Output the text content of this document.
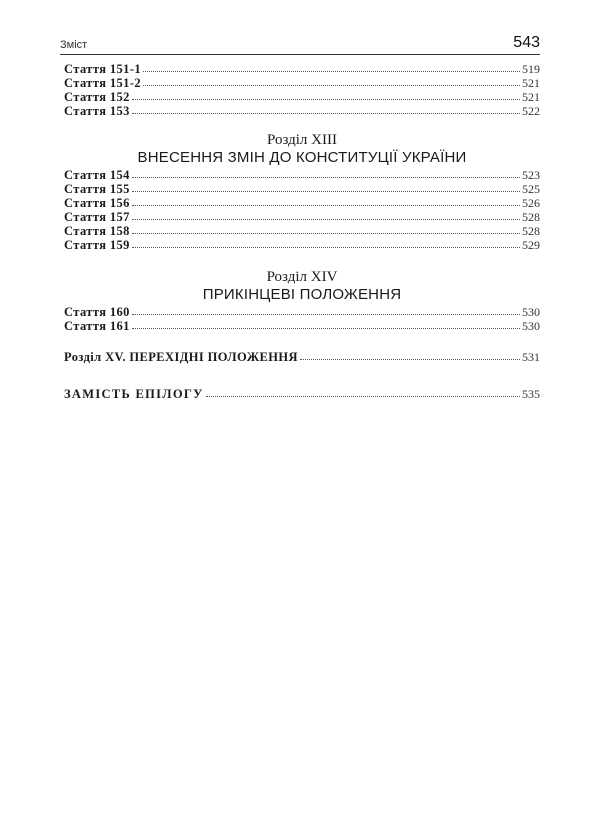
Зміст	543
Стаття 151-1	519
Стаття 151-2	521
Стаття 152	521
Стаття 153	522
Розділ XIII
ВНЕСЕННЯ ЗМІН ДО КОНСТИТУЦІЇ УКРАЇНИ
Стаття 154	523
Стаття 155	525
Стаття 156	526
Стаття 157	528
Стаття 158	528
Стаття 159	529
Розділ XIV
ПРИКІНЦЕВІ ПОЛОЖЕННЯ
Стаття 160	530
Стаття 161	530
Розділ XV. ПЕРЕХІДНІ ПОЛОЖЕННЯ	531
ЗАМІСТЬ ЕПІЛОГУ	535
